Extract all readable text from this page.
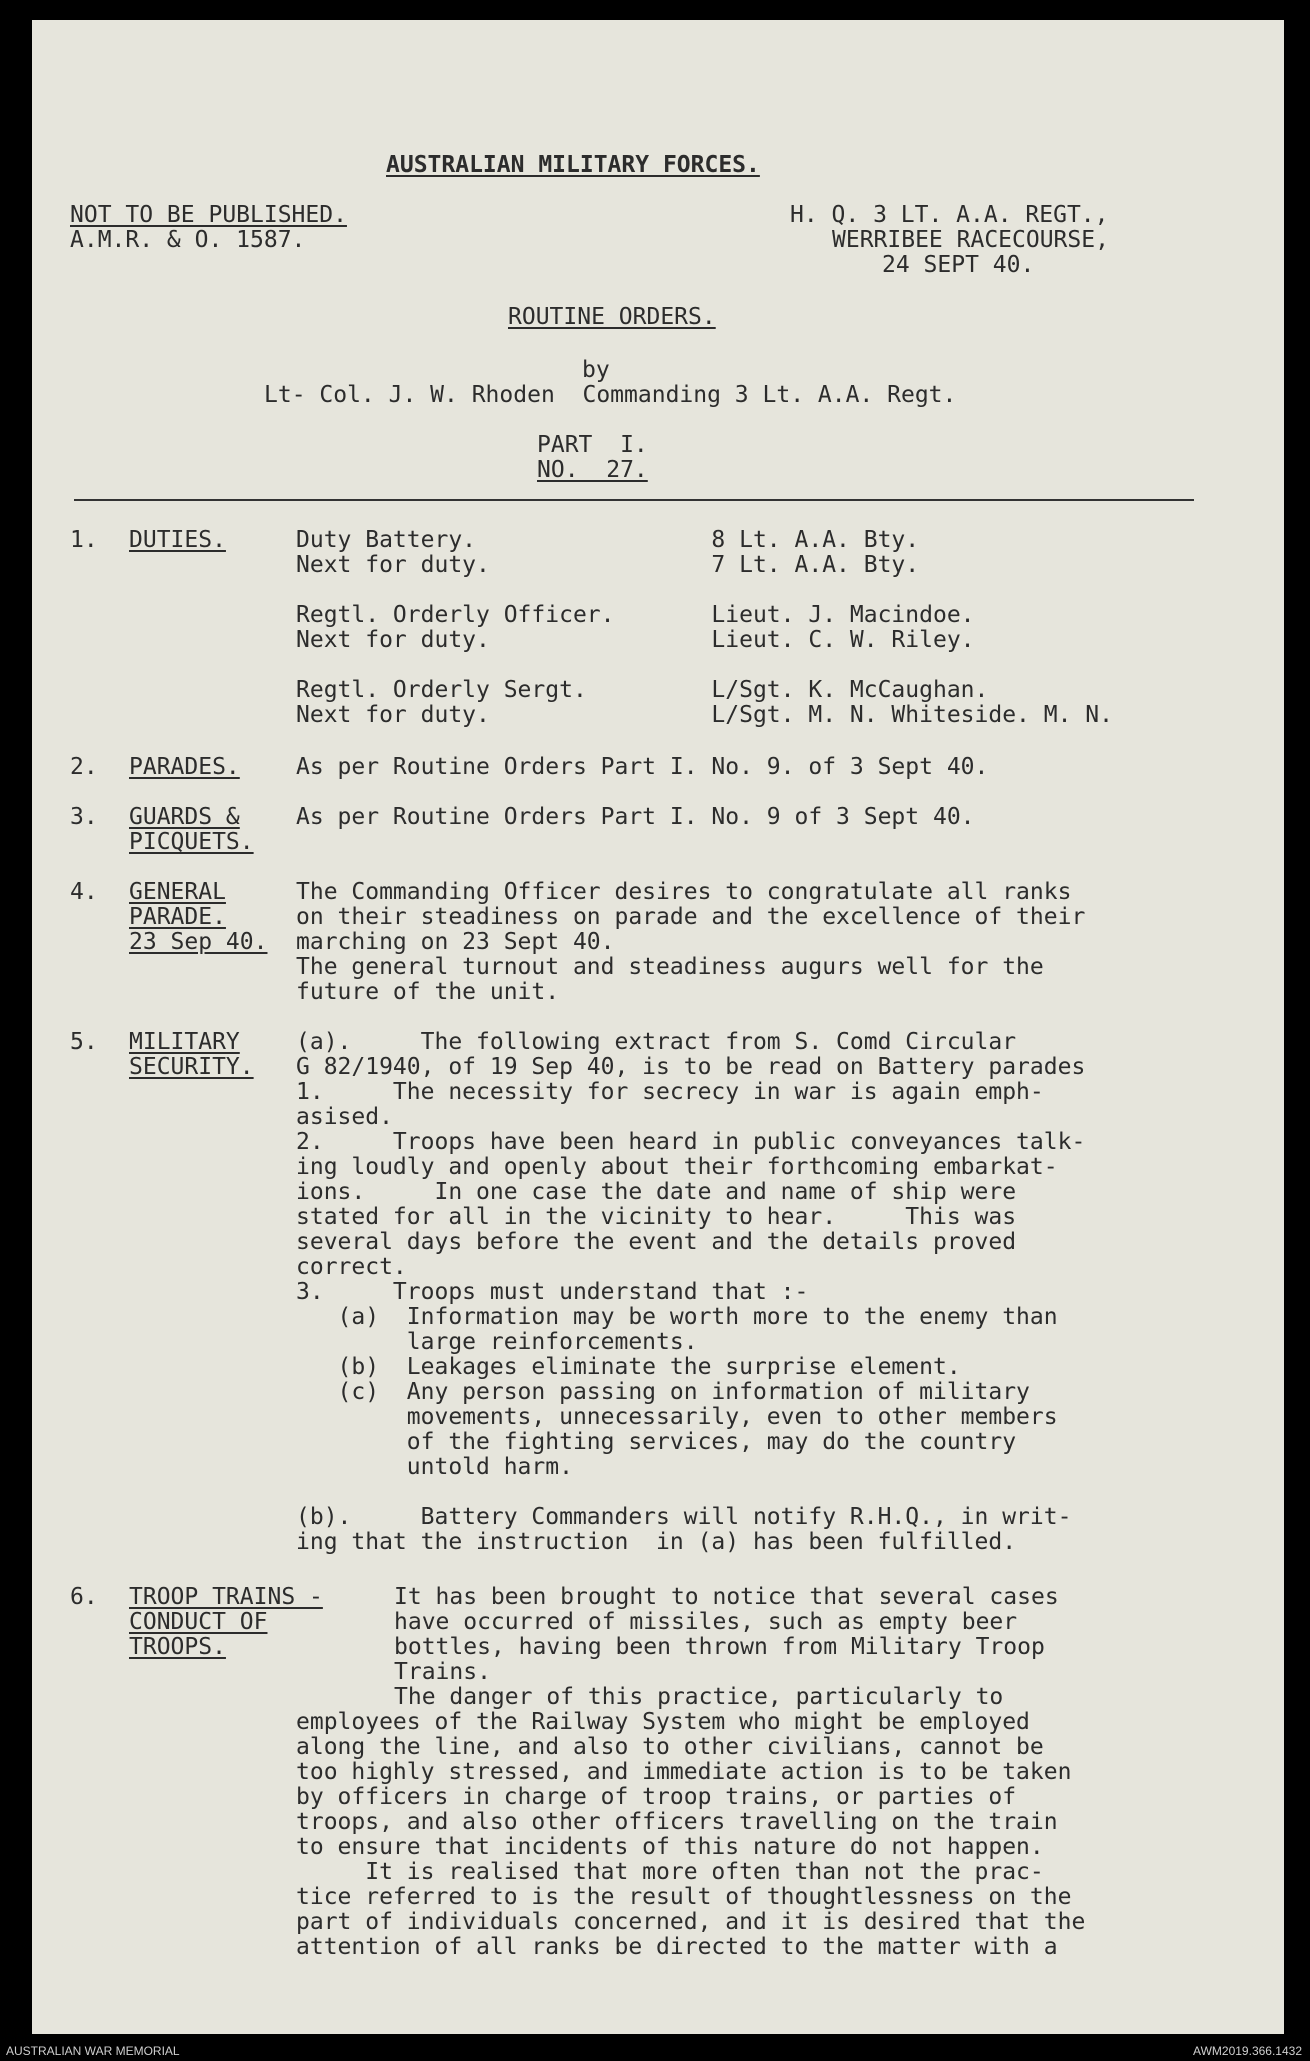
AUSTRALIAN MILITARY FORCES.
NOT TO BE PUBLISHED.
A.M.R. & O. 1587.
H. Q. 3 LT. A.A. REGT.,
WERRIBEE RACECOURSE,
24 SEPT 40.
ROUTINE ORDERS.
by
Lt- Col. J. W. Rhoden  Commanding 3 Lt. A.A. Regt.
PART  I.
NO.  27.
1. DUTIES.	Duty Battery.                 8 Lt. A.A. Bty.
Next for duty.                7 Lt. A.A. Bty.
Regtl. Orderly Officer.       Lieut. J. Macindoe.
Next for duty.                Lieut. C. W. Riley.
Regtl. Orderly Sergt.         L/Sgt. K. McCaughan.
Next for duty.                L/Sgt. M. N. Whiteside. M. N.
2. PARADES. As per Routine Orders Part I. No. 9. of 3 Sept 40.
3. GUARDS &
PICQUETS.
As per Routine Orders Part I. No. 9 of 3 Sept 40.
4. GENERAL
PARADE.
23 Sep 40.
The Commanding Officer desires to congratulate all ranks
on their steadiness on parade and the excellence of their
marching on 23 Sept 40.
The general turnout and steadiness augurs well for the
future of the unit.
5. MILITARY
SECURITY.
(a).     The following extract from S. Comd Circular
G 82/1940, of 19 Sep 40, is to be read on Battery parades
1.     The necessity for secrecy in war is again emph-
asised.
2.     Troops have been heard in public conveyances talk-
ing loudly and openly about their forthcoming embarkat-
ions.     In one case the date and name of ship were
stated for all in the vicinity to hear.     This was
several days before the event and the details proved
correct.
3.     Troops must understand that :-
(a)  Information may be worth more to the enemy than
large reinforcements.
(b)  Leakages eliminate the surprise element.
(c)  Any person passing on information of military
movements, unnecessarily, even to other members
of the fighting services, may do the country
untold harm.
(b).     Battery Commanders will notify R.H.Q., in writ-
ing that the instruction  in (a) has been fulfilled.
6. TROOP TRAINS -
CONDUCT OF
TROOPS.
It has been brought to notice that several cases
have occurred of missiles, such as empty beer
bottles, having been thrown from Military Troop
Trains.
The danger of this practice, particularly to
employees of the Railway System who might be employed
along the line, and also to other civilians, cannot be
too highly stressed, and immediate action is to be taken
by officers in charge of troop trains, or parties of
troops, and also other officers travelling on the train
to ensure that incidents of this nature do not happen.
It is realised that more often than not the prac-
tice referred to is the result of thoughtlessness on the
part of individuals concerned, and it is desired that the
attention of all ranks be directed to the matter with a
AUSTRALIAN WAR MEMORIAL	AWM2019.366.1432
